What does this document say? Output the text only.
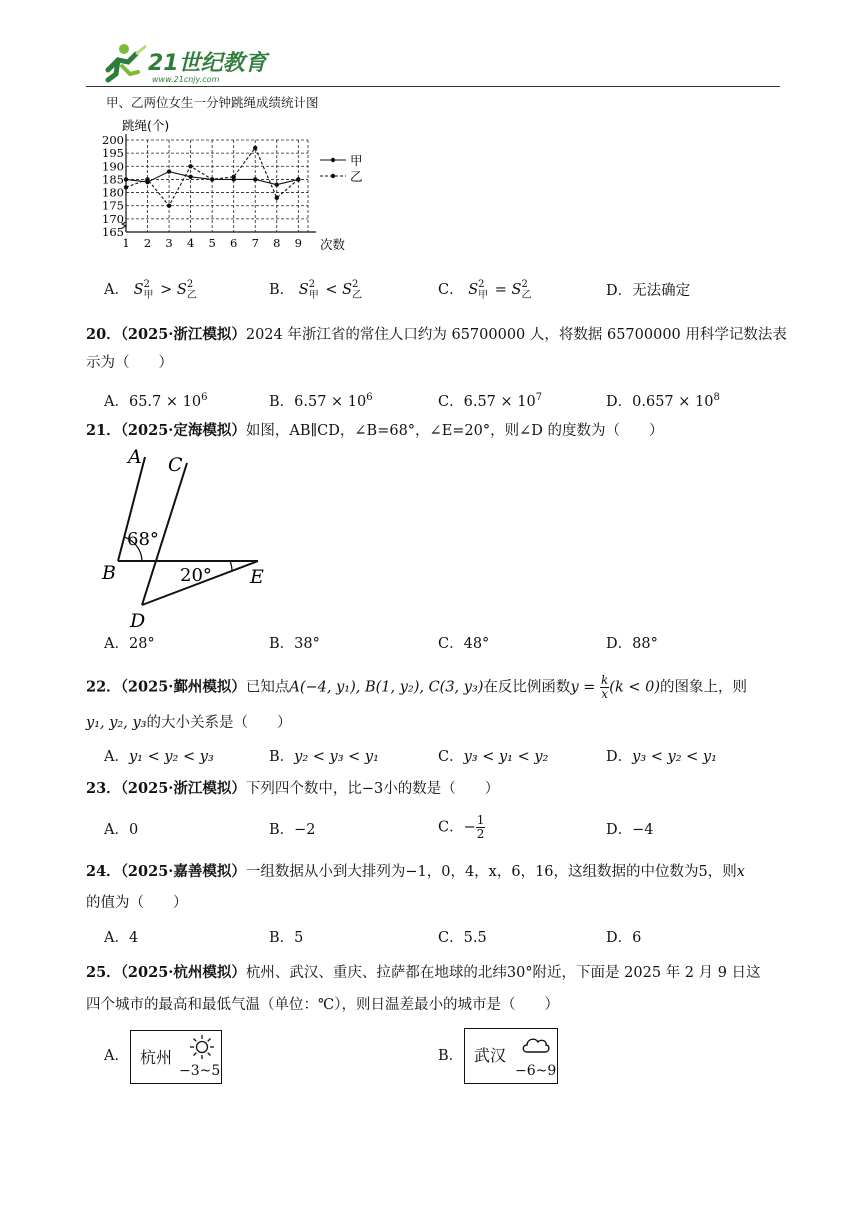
21世纪教育
www.21cnjy.com
甲、乙两位女生一分钟跳绳成绩统计图
165
170
175
180
185
190
195
200
1 2 3 4 5 6 7 8 9
跳绳(个)
次数
甲
乙
A． S 2
甲 > S 2
乙	B． S 2
甲 < S 2
乙	C． S 2
甲 = S 2
乙	D．无法确定
20．（2025·浙江模拟）2024 年浙江省的常住人口约为 65700000 人，将数据 65700000 用科学记数法表
示为（　　）
A．$65.7 \times 10^6$	B．$6.57 \times 10^6$	C．$6.57 \times 10^7$	D．$0.657 \times 10^8$
21．（2025·定海模拟）如图，AB∥CD，∠B=68°，∠E=20°，则∠D 的度数为（　　）
A C
B
D
E
68°
20°
A．28°	B．38°	C．48°	D．88°
22．（2025·鄞州模拟）已知点A(−4, y₁), B(1, y₂), C(3, y₃)在反比例函数$y = \frac{k}{x} (k < 0)$的图象上，则
y₁, y₂, y₃的大小关系是（　　）
A．y₁ < y₂ < y₃	B．y₂ < y₃ < y₁	C．y₃ < y₁ < y₂	D．y₃ < y₂ < y₁
23．（2025·浙江模拟）下列四个数中，比−3小的数是（　　）
A．0	B．−2	C．− $\frac{1}{2}$	D．−4
24．（2025·嘉善模拟）一组数据从小到大排列为−1，0，4，x，6，16，这组数据的中位数为5，则x
的值为（　　）
A．4	B．5	C．5.5	D．6
25．（2025·杭州模拟）杭州、武汉、重庆、拉萨都在地球的北纬30°附近，下面是 2025 年 2 月 9 日这
四个城市的最高和最低气温（单位：℃），则日温差最小的城市是（　　）
A． 杭州
−3~5
B． 武汉
−6~9
